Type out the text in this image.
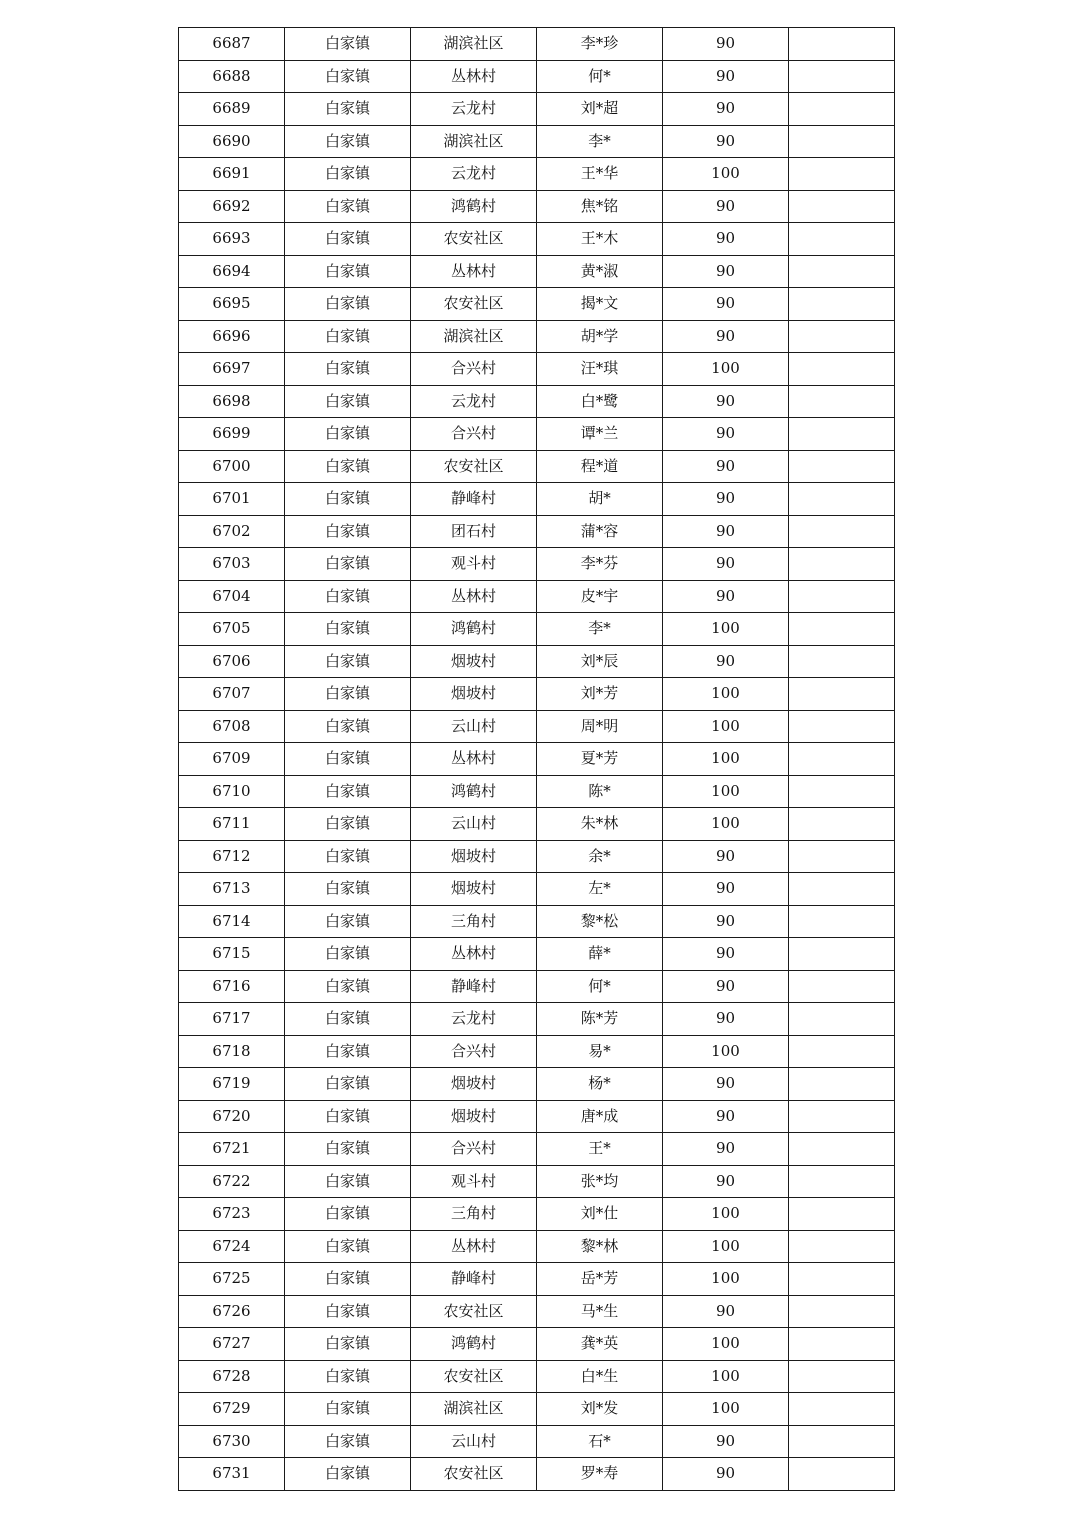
6687	白家镇	湖滨社区	李*珍	90	
6688	白家镇	丛林村	何*	90	
6689	白家镇	云龙村	刘*超	90	
6690	白家镇	湖滨社区	李*	90	
6691	白家镇	云龙村	王*华	100	
6692	白家镇	鸿鹤村	焦*铭	90	
6693	白家镇	农安社区	王*木	90	
6694	白家镇	丛林村	黄*淑	90	
6695	白家镇	农安社区	揭*文	90	
6696	白家镇	湖滨社区	胡*学	90	
6697	白家镇	合兴村	汪*琪	100	
6698	白家镇	云龙村	白*鹭	90	
6699	白家镇	合兴村	谭*兰	90	
6700	白家镇	农安社区	程*道	90	
6701	白家镇	静峰村	胡*	90	
6702	白家镇	团石村	蒲*容	90	
6703	白家镇	观斗村	李*芬	90	
6704	白家镇	丛林村	皮*宇	90	
6705	白家镇	鸿鹤村	李*	100	
6706	白家镇	烟坡村	刘*辰	90	
6707	白家镇	烟坡村	刘*芳	100	
6708	白家镇	云山村	周*明	100	
6709	白家镇	丛林村	夏*芳	100	
6710	白家镇	鸿鹤村	陈*	100	
6711	白家镇	云山村	朱*林	100	
6712	白家镇	烟坡村	余*	90	
6713	白家镇	烟坡村	左*	90	
6714	白家镇	三角村	黎*松	90	
6715	白家镇	丛林村	薛*	90	
6716	白家镇	静峰村	何*	90	
6717	白家镇	云龙村	陈*芳	90	
6718	白家镇	合兴村	易*	100	
6719	白家镇	烟坡村	杨*	90	
6720	白家镇	烟坡村	唐*成	90	
6721	白家镇	合兴村	王*	90	
6722	白家镇	观斗村	张*均	90	
6723	白家镇	三角村	刘*仕	100	
6724	白家镇	丛林村	黎*林	100	
6725	白家镇	静峰村	岳*芳	100	
6726	白家镇	农安社区	马*生	90	
6727	白家镇	鸿鹤村	龚*英	100	
6728	白家镇	农安社区	白*生	100	
6729	白家镇	湖滨社区	刘*发	100	
6730	白家镇	云山村	石*	90	
6731	白家镇	农安社区	罗*寿	90	
